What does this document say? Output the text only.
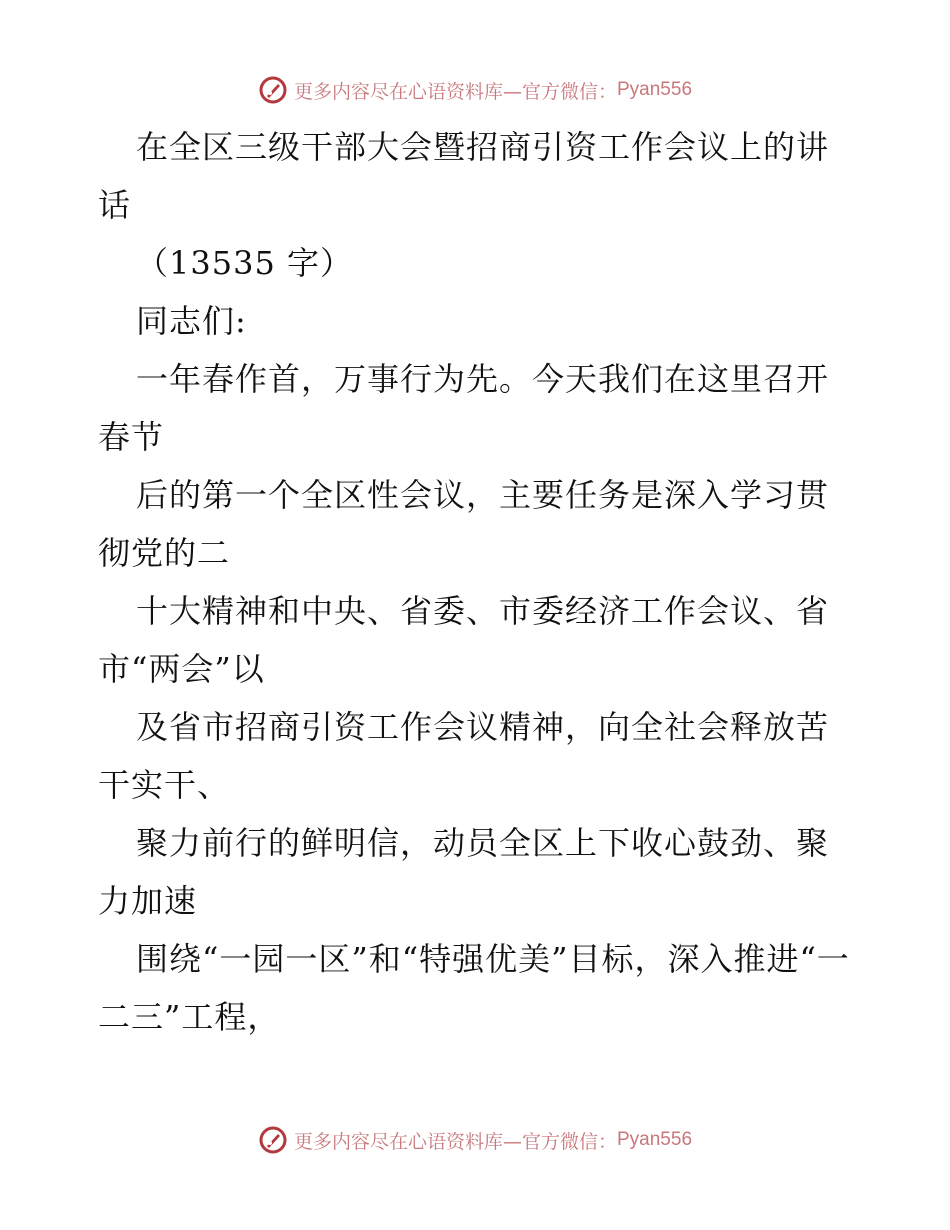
更多内容尽在心语资料库—官方微信： Pyan556

在全区三级干部大会暨招商引资工作会议上的讲话

（13535 字）

同志们:

一年春作首，万事行为先。今天我们在这里召开春节

后的第一个全区性会议，主要任务是深入学习贯彻党的二

十大精神和中央、省委、市委经济工作会议、省市“两会”以

及省市招商引资工作会议精神，向全社会释放苦干实干、

聚力前行的鲜明信，动员全区上下收心鼓劲、聚力加速

围绕“一园一区”和“特强优美”目标，深入推进“一二三”工程，

更多内容尽在心语资料库—官方微信： Pyan556
